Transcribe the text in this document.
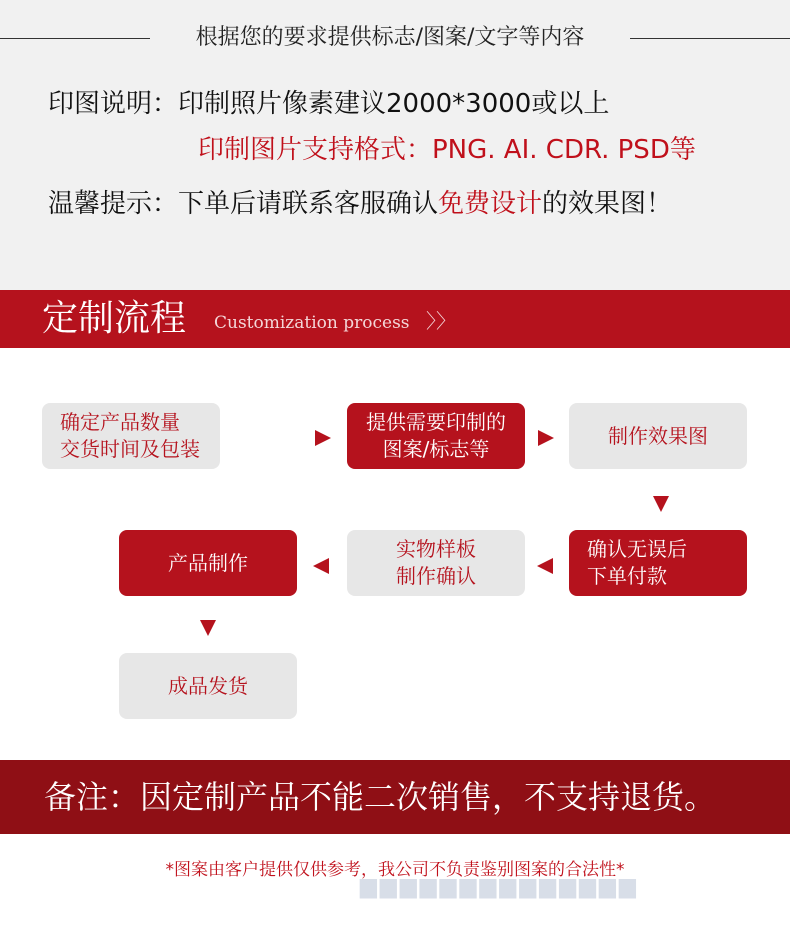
根据您的要求提供标志/图案/文字等内容
印图说明：印制照片像素建议2000*3000或以上
印制图片支持格式：PNG. AI. CDR. PSD等
温馨提示：下单后请联系客服确认免费设计的效果图！
定制流程 Customization process 〉〉
确定产品数量
交货时间及包装
提供需要印制的
图案/标志等
制作效果图
确认无误后
下单付款
实物样板
制作确认
产品制作
成品发货
备注：因定制产品不能二次销售，不支持退货。
*图案由客户提供仅供参考，我公司不负责鉴别图案的合法性*
▆▆▆▆▆▆▆▆▆▆▆▆▆▆
